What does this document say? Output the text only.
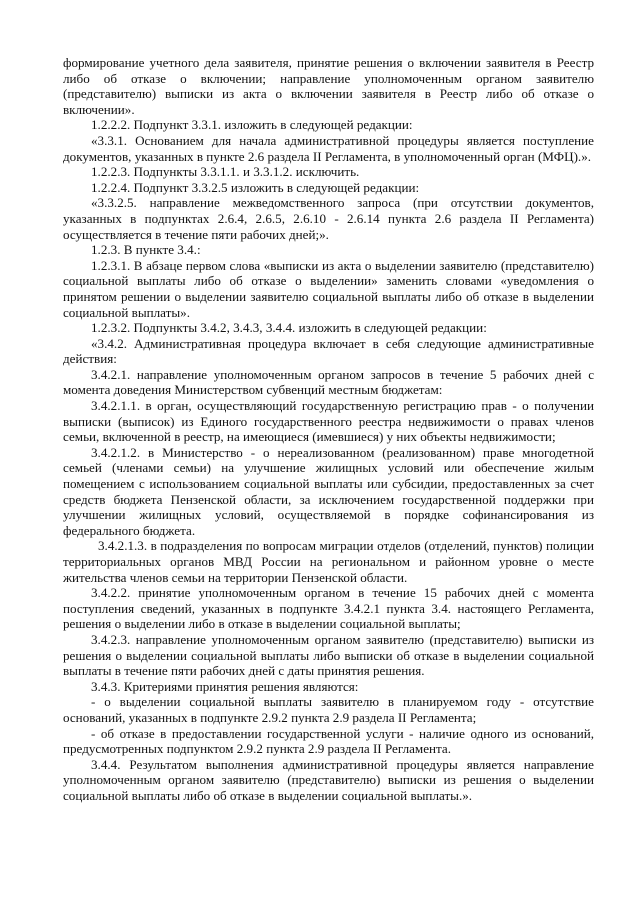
формирование учетного дела заявителя, принятие решения о включении заявителя в Реестр либо об отказе о включении; направление уполномоченным органом заявителю (представителю) выписки из акта о включении заявителя в Реестр либо об отказе о включении».

1.2.2.2. Подпункт 3.3.1. изложить в следующей редакции:

«3.3.1. Основанием для начала административной процедуры является поступление документов, указанных в пункте 2.6 раздела II Регламента, в уполномоченный орган (МФЦ).».

1.2.2.3. Подпункты 3.3.1.1. и 3.3.1.2. исключить.

1.2.2.4. Подпункт 3.3.2.5 изложить в следующей редакции:

«3.3.2.5. направление межведомственного запроса (при отсутствии документов, указанных в подпунктах 2.6.4, 2.6.5, 2.6.10 - 2.6.14 пункта 2.6 раздела II Регламента) осуществляется в течение пяти рабочих дней;».

1.2.3. В пункте 3.4.:

1.2.3.1. В абзаце первом слова «выписки из акта о выделении заявителю (представителю) социальной выплаты либо об отказе о выделении» заменить словами «уведомления о принятом решении о выделении заявителю социальной выплаты либо об отказе в выделении социальной выплаты».

1.2.3.2. Подпункты 3.4.2, 3.4.3, 3.4.4. изложить в следующей редакции:

«3.4.2. Административная процедура включает в себя следующие административные действия:

3.4.2.1. направление уполномоченным органом запросов в течение 5 рабочих дней с момента доведения Министерством субвенций местным бюджетам:

3.4.2.1.1. в орган, осуществляющий государственную регистрацию прав - о получении выписки (выписок) из Единого государственного реестра недвижимости о правах членов семьи, включенной в реестр, на имеющиеся (имевшиеся) у них объекты недвижимости;

3.4.2.1.2. в Министерство - о нереализованном (реализованном) праве многодетной семьей (членами семьи) на улучшение жилищных условий или обеспечение жилым помещением с использованием социальной выплаты или субсидии, предоставленных за счет средств бюджета Пензенской области, за исключением государственной поддержки при улучшении жилищных условий, осуществляемой в порядке софинансирования из федерального бюджета.

3.4.2.1.3. в подразделения по вопросам миграции отделов (отделений, пунктов) полиции территориальных органов МВД России на региональном и районном уровне о месте жительства членов семьи на территории Пензенской области.

3.4.2.2. принятие уполномоченным органом в течение 15 рабочих дней с момента поступления сведений, указанных в подпункте 3.4.2.1 пункта 3.4. настоящего Регламента, решения о выделении либо в отказе в выделении социальной выплаты;

3.4.2.3. направление уполномоченным органом заявителю (представителю) выписки из решения о выделении социальной выплаты либо выписки об отказе в выделении социальной выплаты в течение пяти рабочих дней с даты принятия решения.

3.4.3. Критериями принятия решения являются:

- о выделении социальной выплаты заявителю в планируемом году - отсутствие оснований, указанных в подпункте 2.9.2 пункта 2.9 раздела II Регламента;

- об отказе в предоставлении государственной услуги - наличие одного из оснований, предусмотренных подпунктом 2.9.2 пункта 2.9 раздела II Регламента.

3.4.4. Результатом выполнения административной процедуры является направление уполномоченным органом заявителю (представителю) выписки из решения о выделении социальной выплаты либо об отказе в выделении социальной выплаты.».
